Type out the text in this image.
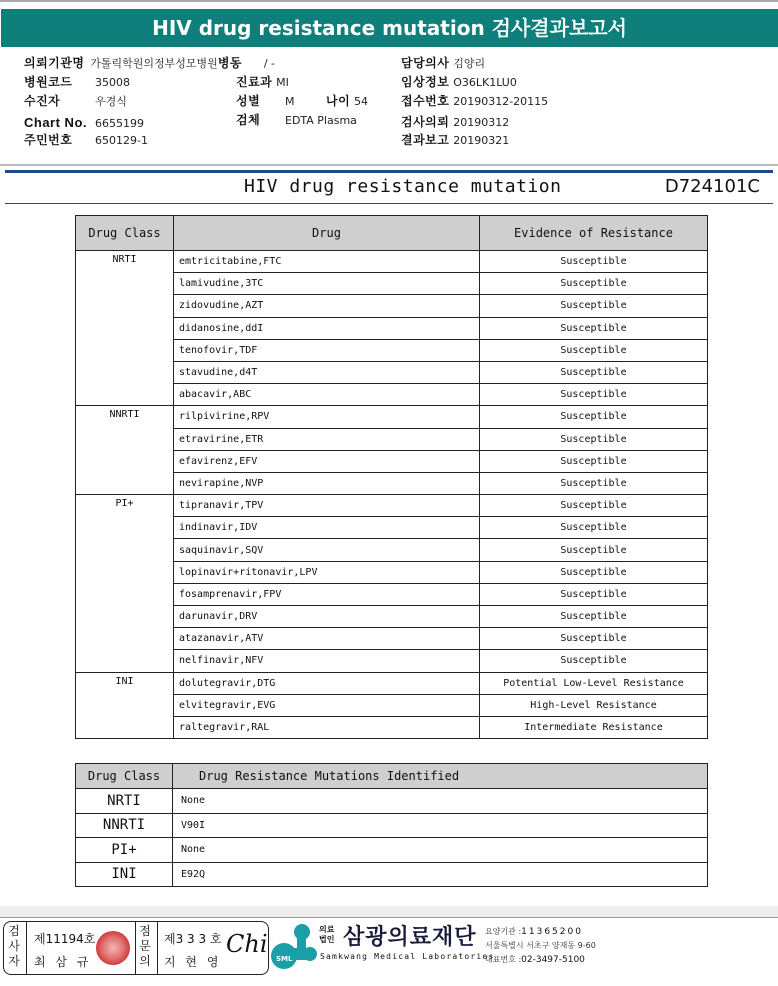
HIV drug resistance mutation 검사결과보고서
의뢰기관명 가톨릭학원의정부성모병원병동 / -
병원코드 35008	진료과 MI
수진자	우경식	성별 M	나이 54
Chart No. 6655199	검체 EDTA Plasma
주민번호 650129-1
담당의사 김양리
임상정보 O36LK1LU0
접수번호 20190312-20115
검사의뢰 20190312
결과보고 20190321
HIV drug resistance mutation	D724101C
Drug Class	Drug	Evidence of Resistance
NRTI	emtricitabine,FTC	Susceptible
	lamivudine,3TC	Susceptible
	zidovudine,AZT	Susceptible
	didanosine,ddI	Susceptible
	tenofovir,TDF	Susceptible
	stavudine,d4T	Susceptible
	abacavir,ABC	Susceptible
NNRTI	rilpivirine,RPV	Susceptible
	etravirine,ETR	Susceptible
	efavirenz,EFV	Susceptible
	nevirapine,NVP	Susceptible
PI+	tipranavir,TPV	Susceptible
	indinavir,IDV	Susceptible
	saquinavir,SQV	Susceptible
	lopinavir+ritonavir,LPV	Susceptible
	fosamprenavir,FPV	Susceptible
	darunavir,DRV	Susceptible
	atazanavir,ATV	Susceptible
	nelfinavir,NFV	Susceptible
INI	dolutegravir,DTG	Potential Low-Level Resistance
	elvitegravir,EVG	High-Level Resistance
	raltegravir,RAL	Intermediate Resistance
Drug Class	Drug Resistance Mutations Identified
NRTI	None
NNRTI	V90I
PI+	None
INI	E92Q
검사자
제11194호
최 삼 규
점문의
제3 3 3 호
지 현 영
Chi
SML
의료법인 삼광의료재단
Samkwang Medical Laboratories
요양기관 :11365200
서울특별시 서초구 양재동 9-60
대표번호 :02-3497-5100
